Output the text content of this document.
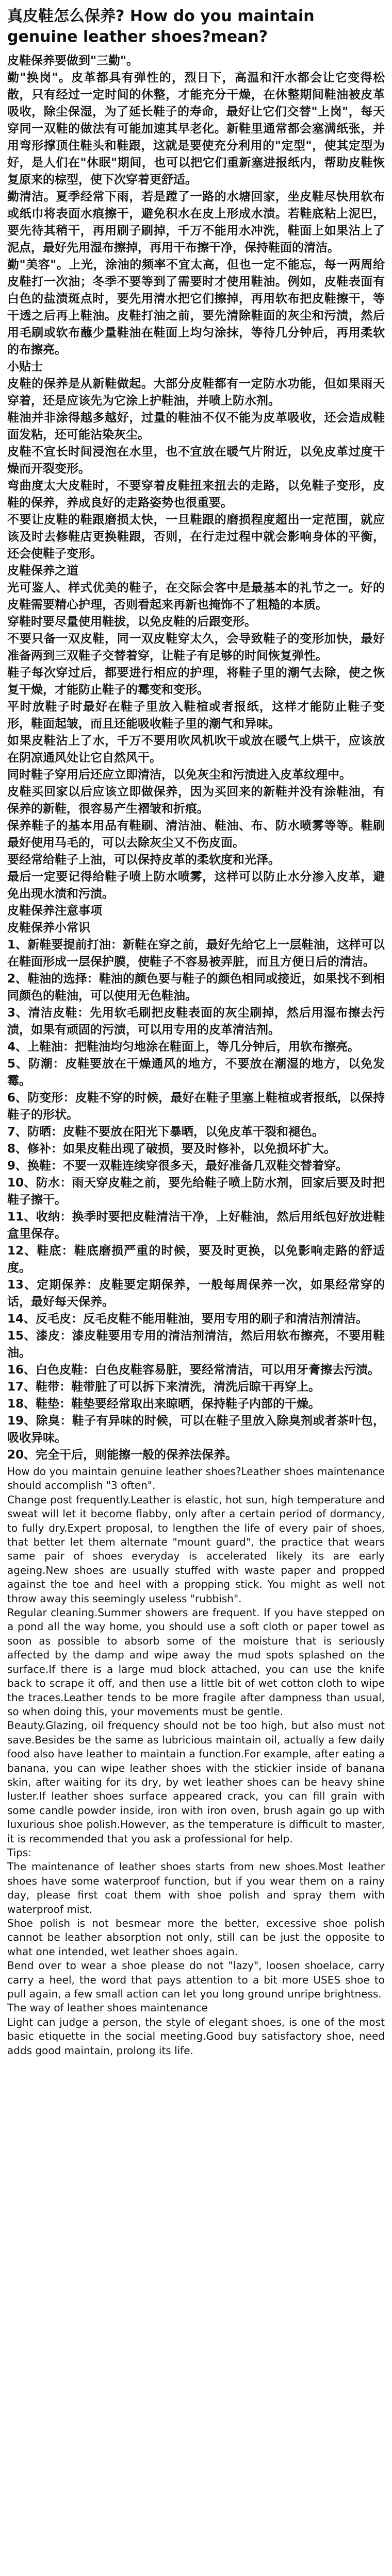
真皮鞋怎么保养? How do you maintain genuine leather shoes?mean?

皮鞋保养要做到"三勤"。

勤"换岗"。皮革都具有弹性的，烈日下，高温和汗水都会让它变得松散，只有经过一定时间的休整，才能充分干燥，在休整期间鞋油被皮革吸收，除尘保湿，为了延长鞋子的寿命，最好让它们交替"上岗"，每天穿同一双鞋的做法有可能加速其早老化。新鞋里通常都会塞满纸张，并用弯形撑顶住鞋头和鞋跟，这就是要使充分利用的"定型"，使其定型为好，是人们在"休眠"期间，也可以把它们重新塞进报纸内，帮助皮鞋恢复原来的棕型，使下次穿着更舒适。

勤清洁。夏季经常下雨，若是蹚了一路的水塘回家，坐皮鞋尽快用软布或纸巾将表面水痕擦干，避免积水在皮上形成水渍。若鞋底粘上泥巴，要先待其稍干，再用刷子刷掉，千万不能用水冲洗，鞋面上如果沾上了泥点，最好先用湿布擦掉，再用干布擦干净，保持鞋面的清洁。

勤"美容"。上光，涂油的频率不宜太高，但也一定不能忘，每一两周给皮鞋打一次油；冬季不要等到了需要时才使用鞋油。例如，皮鞋表面有白色的盐渍斑点时，要先用清水把它们擦掉，再用软布把皮鞋擦干，等干透之后再上鞋油。皮鞋打油之前，要先清除鞋面的灰尘和污渍，然后用毛刷或软布蘸少量鞋油在鞋面上均匀涂抹，等待几分钟后，再用柔软的布擦亮。

小贴士

皮鞋的保养是从新鞋做起。大部分皮鞋都有一定防水功能，但如果雨天穿着，还是应该先为它涂上护鞋油，并喷上防水剂。

鞋油并非涂得越多越好，过量的鞋油不仅不能为皮革吸收，还会造成鞋面发粘，还可能沾染灰尘。

皮鞋不宜长时间浸泡在水里，也不宜放在暖气片附近，以免皮革过度干燥而开裂变形。

弯曲度太大皮鞋时，不要穿着皮鞋扭来扭去的走路，以免鞋子变形，皮鞋的保养，养成良好的走路姿势也很重要。

不要让皮鞋的鞋跟磨损太快，一旦鞋跟的磨损程度超出一定范围，就应该及时去修鞋店更换鞋跟，否则，在行走过程中就会影响身体的平衡，还会使鞋子变形。

皮鞋保养之道

光可鉴人、样式优美的鞋子，在交际会客中是最基本的礼节之一。好的皮鞋需要精心护理，否则看起来再新也掩饰不了粗糙的本质。

穿鞋时要尽量使用鞋拔，以免皮鞋的后跟变形。

不要只备一双皮鞋，同一双皮鞋穿太久，会导致鞋子的变形加快，最好准备两到三双鞋子交替着穿，让鞋子有足够的时间恢复弹性。

鞋子每次穿过后，都要进行相应的护理，将鞋子里的潮气去除，使之恢复干燥，才能防止鞋子的霉变和变形。

平时放鞋子时最好在鞋子里放入鞋楦或者报纸，这样才能防止鞋子变形，鞋面起皱，而且还能吸收鞋子里的潮气和异味。

如果皮鞋沾上了水，千万不要用吹风机吹干或放在暖气上烘干，应该放在阴凉通风处让它自然风干。

同时鞋子穿用后还应立即清洁，以免灰尘和污渍进入皮革纹理中。

皮鞋买回家以后应该立即做保养，因为买回来的新鞋并没有涂鞋油，有保养的新鞋，很容易产生褶皱和折痕。

保养鞋子的基本用品有鞋刷、清洁油、鞋油、布、防水喷雾等等。鞋刷最好使用马毛的，可以去除灰尘又不伤皮面。

要经常给鞋子上油，可以保持皮革的柔软度和光泽。

最后一定要记得给鞋子喷上防水喷雾，这样可以防止水分渗入皮革，避免出现水渍和污渍。

皮鞋保养注意事项

皮鞋保养小常识

1、新鞋要提前打油：新鞋在穿之前，最好先给它上一层鞋油，这样可以在鞋面形成一层保护膜，使鞋子不容易被弄脏，而且方便日后的清洁。

2、鞋油的选择：鞋油的颜色要与鞋子的颜色相同或接近，如果找不到相同颜色的鞋油，可以使用无色鞋油。

3、清洁皮鞋：先用软毛刷把皮鞋表面的灰尘刷掉，然后用湿布擦去污渍，如果有顽固的污渍，可以用专用的皮革清洁剂。

4、上鞋油：把鞋油均匀地涂在鞋面上，等几分钟后，用软布擦亮。

5、防潮：皮鞋要放在干燥通风的地方，不要放在潮湿的地方，以免发霉。

6、防变形：皮鞋不穿的时候，最好在鞋子里塞上鞋楦或者报纸，以保持鞋子的形状。

7、防晒：皮鞋不要放在阳光下暴晒，以免皮革干裂和褪色。

8、修补：如果皮鞋出现了破损，要及时修补，以免损坏扩大。

9、换鞋：不要一双鞋连续穿很多天，最好准备几双鞋交替着穿。

10、防水：雨天穿皮鞋之前，要先给鞋子喷上防水剂，回家后要及时把鞋子擦干。

11、收纳：换季时要把皮鞋清洁干净，上好鞋油，然后用纸包好放进鞋盒里保存。

12、鞋底：鞋底磨损严重的时候，要及时更换，以免影响走路的舒适度。

13、定期保养：皮鞋要定期保养，一般每周保养一次，如果经常穿的话，最好每天保养。

14、反毛皮：反毛皮鞋不能用鞋油，要用专用的刷子和清洁剂清洁。

15、漆皮：漆皮鞋要用专用的清洁剂清洁，然后用软布擦亮，不要用鞋油。

16、白色皮鞋：白色皮鞋容易脏，要经常清洁，可以用牙膏擦去污渍。

17、鞋带：鞋带脏了可以拆下来清洗，清洗后晾干再穿上。

18、鞋垫：鞋垫要经常取出来晾晒，保持鞋子内部的干燥。

19、除臭：鞋子有异味的时候，可以在鞋子里放入除臭剂或者茶叶包，吸收异味。

20、完全干后，则能擦一般的保养法保养。

How do you maintain genuine leather shoes?Leather shoes maintenance should accomplish "3 often".

Change post frequently.Leather is elastic, hot sun, high temperature and sweat will let it become flabby, only after a certain period of dormancy, to fully dry.Expert proposal, to lengthen the life of every pair of shoes, that better let them alternate "mount guard", the practice that wears same pair of shoes everyday is accelerated likely its are early ageing.New shoes are usually stuffed with waste paper and propped against the toe and heel with a propping stick. You might as well not throw away this seemingly useless "rubbish".

Regular cleaning.Summer showers are frequent. If you have stepped on a pond all the way home, you should use a soft cloth or paper towel as soon as possible to absorb some of the moisture that is seriously affected by the damp and wipe away the mud spots splashed on the surface.If there is a large mud block attached, you can use the knife back to scrape it off, and then use a little bit of wet cotton cloth to wipe the traces.Leather tends to be more fragile after dampness than usual, so when doing this, your movements must be gentle.

Beauty.Glazing, oil frequency should not be too high, but also must not save.Besides be the same as lubricious maintain oil, actually a few daily food also have leather to maintain a function.For example, after eating a banana, you can wipe leather shoes with the stickier inside of banana skin, after waiting for its dry, by wet leather shoes can be heavy shine luster.If leather shoes surface appeared crack, you can fill grain with some candle powder inside, iron with iron oven, brush again go up with luxurious shoe polish.However, as the temperature is difficult to master, it is recommended that you ask a professional for help.

Tips:

The maintenance of leather shoes starts from new shoes.Most leather shoes have some waterproof function, but if you wear them on a rainy day, please first coat them with shoe polish and spray them with waterproof mist.

Shoe polish is not besmear more the better, excessive shoe polish cannot be leather absorption not only, still can be just the opposite to what one intended, wet leather shoes again.

Bend over to wear a shoe please do not "lazy", loosen shoelace, carry carry a heel, the word that pays attention to a bit more USES shoe to pull again, a few small action can let you long ground unripe brightness.

The way of leather shoes maintenance

Light can judge a person, the style of elegant shoes, is one of the most basic etiquette in the social meeting.Good buy satisfactory shoe, need adds good maintain, prolong its life.
